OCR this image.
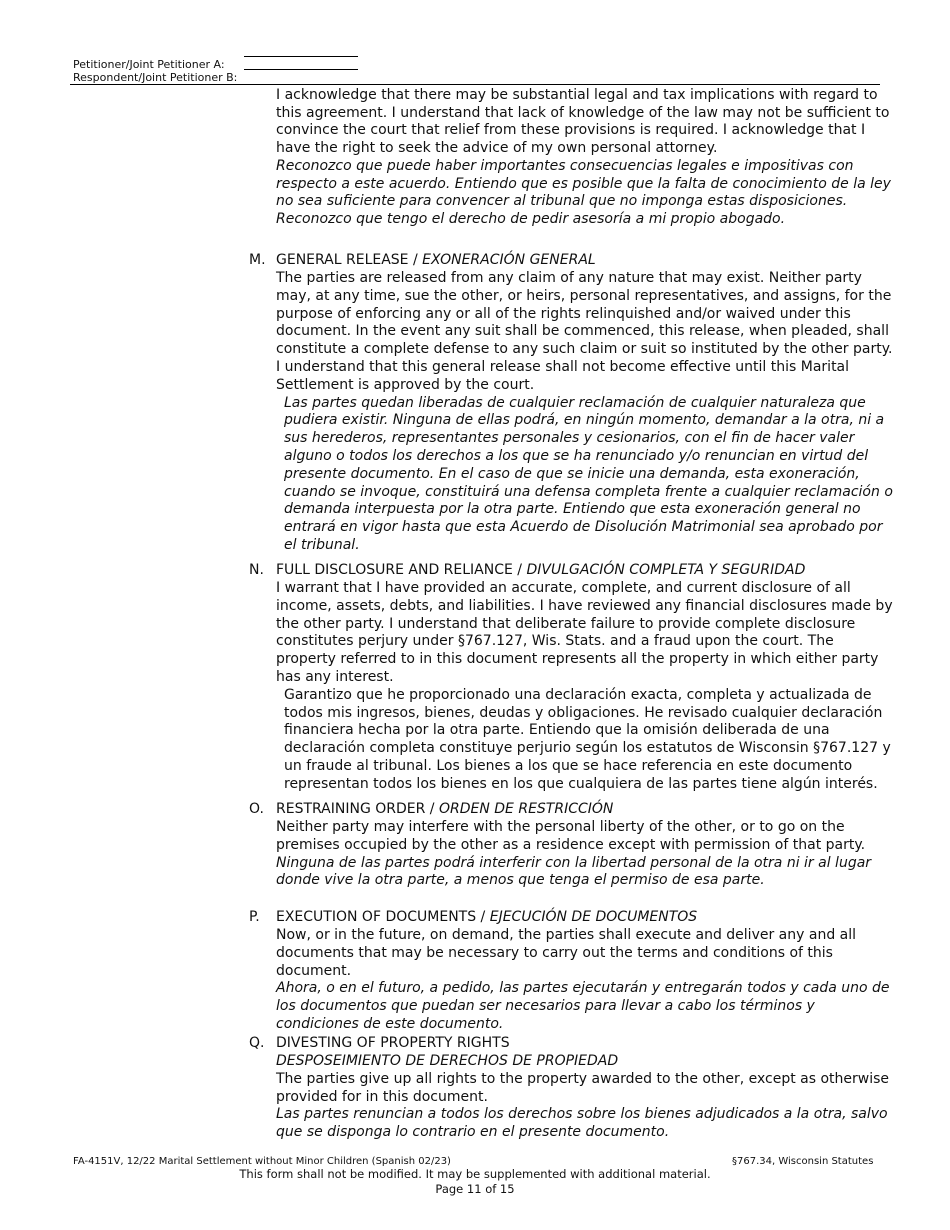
Petitioner/Joint Petitioner A:
Respondent/Joint Petitioner B:

I acknowledge that there may be substantial legal and tax implications with regard to this agreement. I understand that lack of knowledge of the law may not be sufficient to convince the court that relief from these provisions is required. I acknowledge that I have the right to seek the advice of my own personal attorney.

Reconozco que puede haber importantes consecuencias legales e impositivas con respecto a este acuerdo. Entiendo que es posible que la falta de conocimiento de la ley no sea suficiente para convencer al tribunal que no imponga estas disposiciones. Reconozco que tengo el derecho de pedir asesoría a mi propio abogado.

M. GENERAL RELEASE / EXONERACIÓN GENERAL

The parties are released from any claim of any nature that may exist. Neither party may, at any time, sue the other, or heirs, personal representatives, and assigns, for the purpose of enforcing any or all of the rights relinquished and/or waived under this document. In the event any suit shall be commenced, this release, when pleaded, shall constitute a complete defense to any such claim or suit so instituted by the other party. I understand that this general release shall not become effective until this Marital Settlement is approved by the court.

Las partes quedan liberadas de cualquier reclamación de cualquier naturaleza que pudiera existir. Ninguna de ellas podrá, en ningún momento, demandar a la otra, ni a sus herederos, representantes personales y cesionarios, con el fin de hacer valer alguno o todos los derechos a los que se ha renunciado y/o renuncian en virtud del presente documento. En el caso de que se inicie una demanda, esta exoneración, cuando se invoque, constituirá una defensa completa frente a cualquier reclamación o demanda interpuesta por la otra parte. Entiendo que esta exoneración general no entrará en vigor hasta que esta Acuerdo de Disolución Matrimonial sea aprobado por el tribunal.

N. FULL DISCLOSURE AND RELIANCE / DIVULGACIÓN COMPLETA Y SEGURIDAD

I warrant that I have provided an accurate, complete, and current disclosure of all income, assets, debts, and liabilities. I have reviewed any financial disclosures made by the other party. I understand that deliberate failure to provide complete disclosure constitutes perjury under §767.127, Wis. Stats. and a fraud upon the court. The property referred to in this document represents all the property in which either party has any interest.

Garantizo que he proporcionado una declaración exacta, completa y actualizada de todos mis ingresos, bienes, deudas y obligaciones. He revisado cualquier declaración financiera hecha por la otra parte. Entiendo que la omisión deliberada de una declaración completa constituye perjurio según los estatutos de Wisconsin §767.127 y un fraude al tribunal. Los bienes a los que se hace referencia en este documento representan todos los bienes en los que cualquiera de las partes tiene algún interés.

O. RESTRAINING ORDER / ORDEN DE RESTRICCIÓN

Neither party may interfere with the personal liberty of the other, or to go on the premises occupied by the other as a residence except with permission of that party.

Ninguna de las partes podrá interferir con la libertad personal de la otra ni ir al lugar donde vive la otra parte, a menos que tenga el permiso de esa parte.

P. EXECUTION OF DOCUMENTS / EJECUCIÓN DE DOCUMENTOS

Now, or in the future, on demand, the parties shall execute and deliver any and all documents that may be necessary to carry out the terms and conditions of this document.

Ahora, o en el futuro, a pedido, las partes ejecutarán y entregarán todos y cada uno de los documentos que puedan ser necesarios para llevar a cabo los términos y condiciones de este documento.

Q. DIVESTING OF PROPERTY RIGHTS

DESPOSEIMIENTO DE DERECHOS DE PROPIEDAD

The parties give up all rights to the property awarded to the other, except as otherwise provided for in this document.

Las partes renuncian a todos los derechos sobre los bienes adjudicados a la otra, salvo que se disponga lo contrario en el presente documento.

FA-4151V, 12/22 Marital Settlement without Minor Children (Spanish 02/23)	§767.34, Wisconsin Statutes
This form shall not be modified. It may be supplemented with additional material.
Page 11 of 15
